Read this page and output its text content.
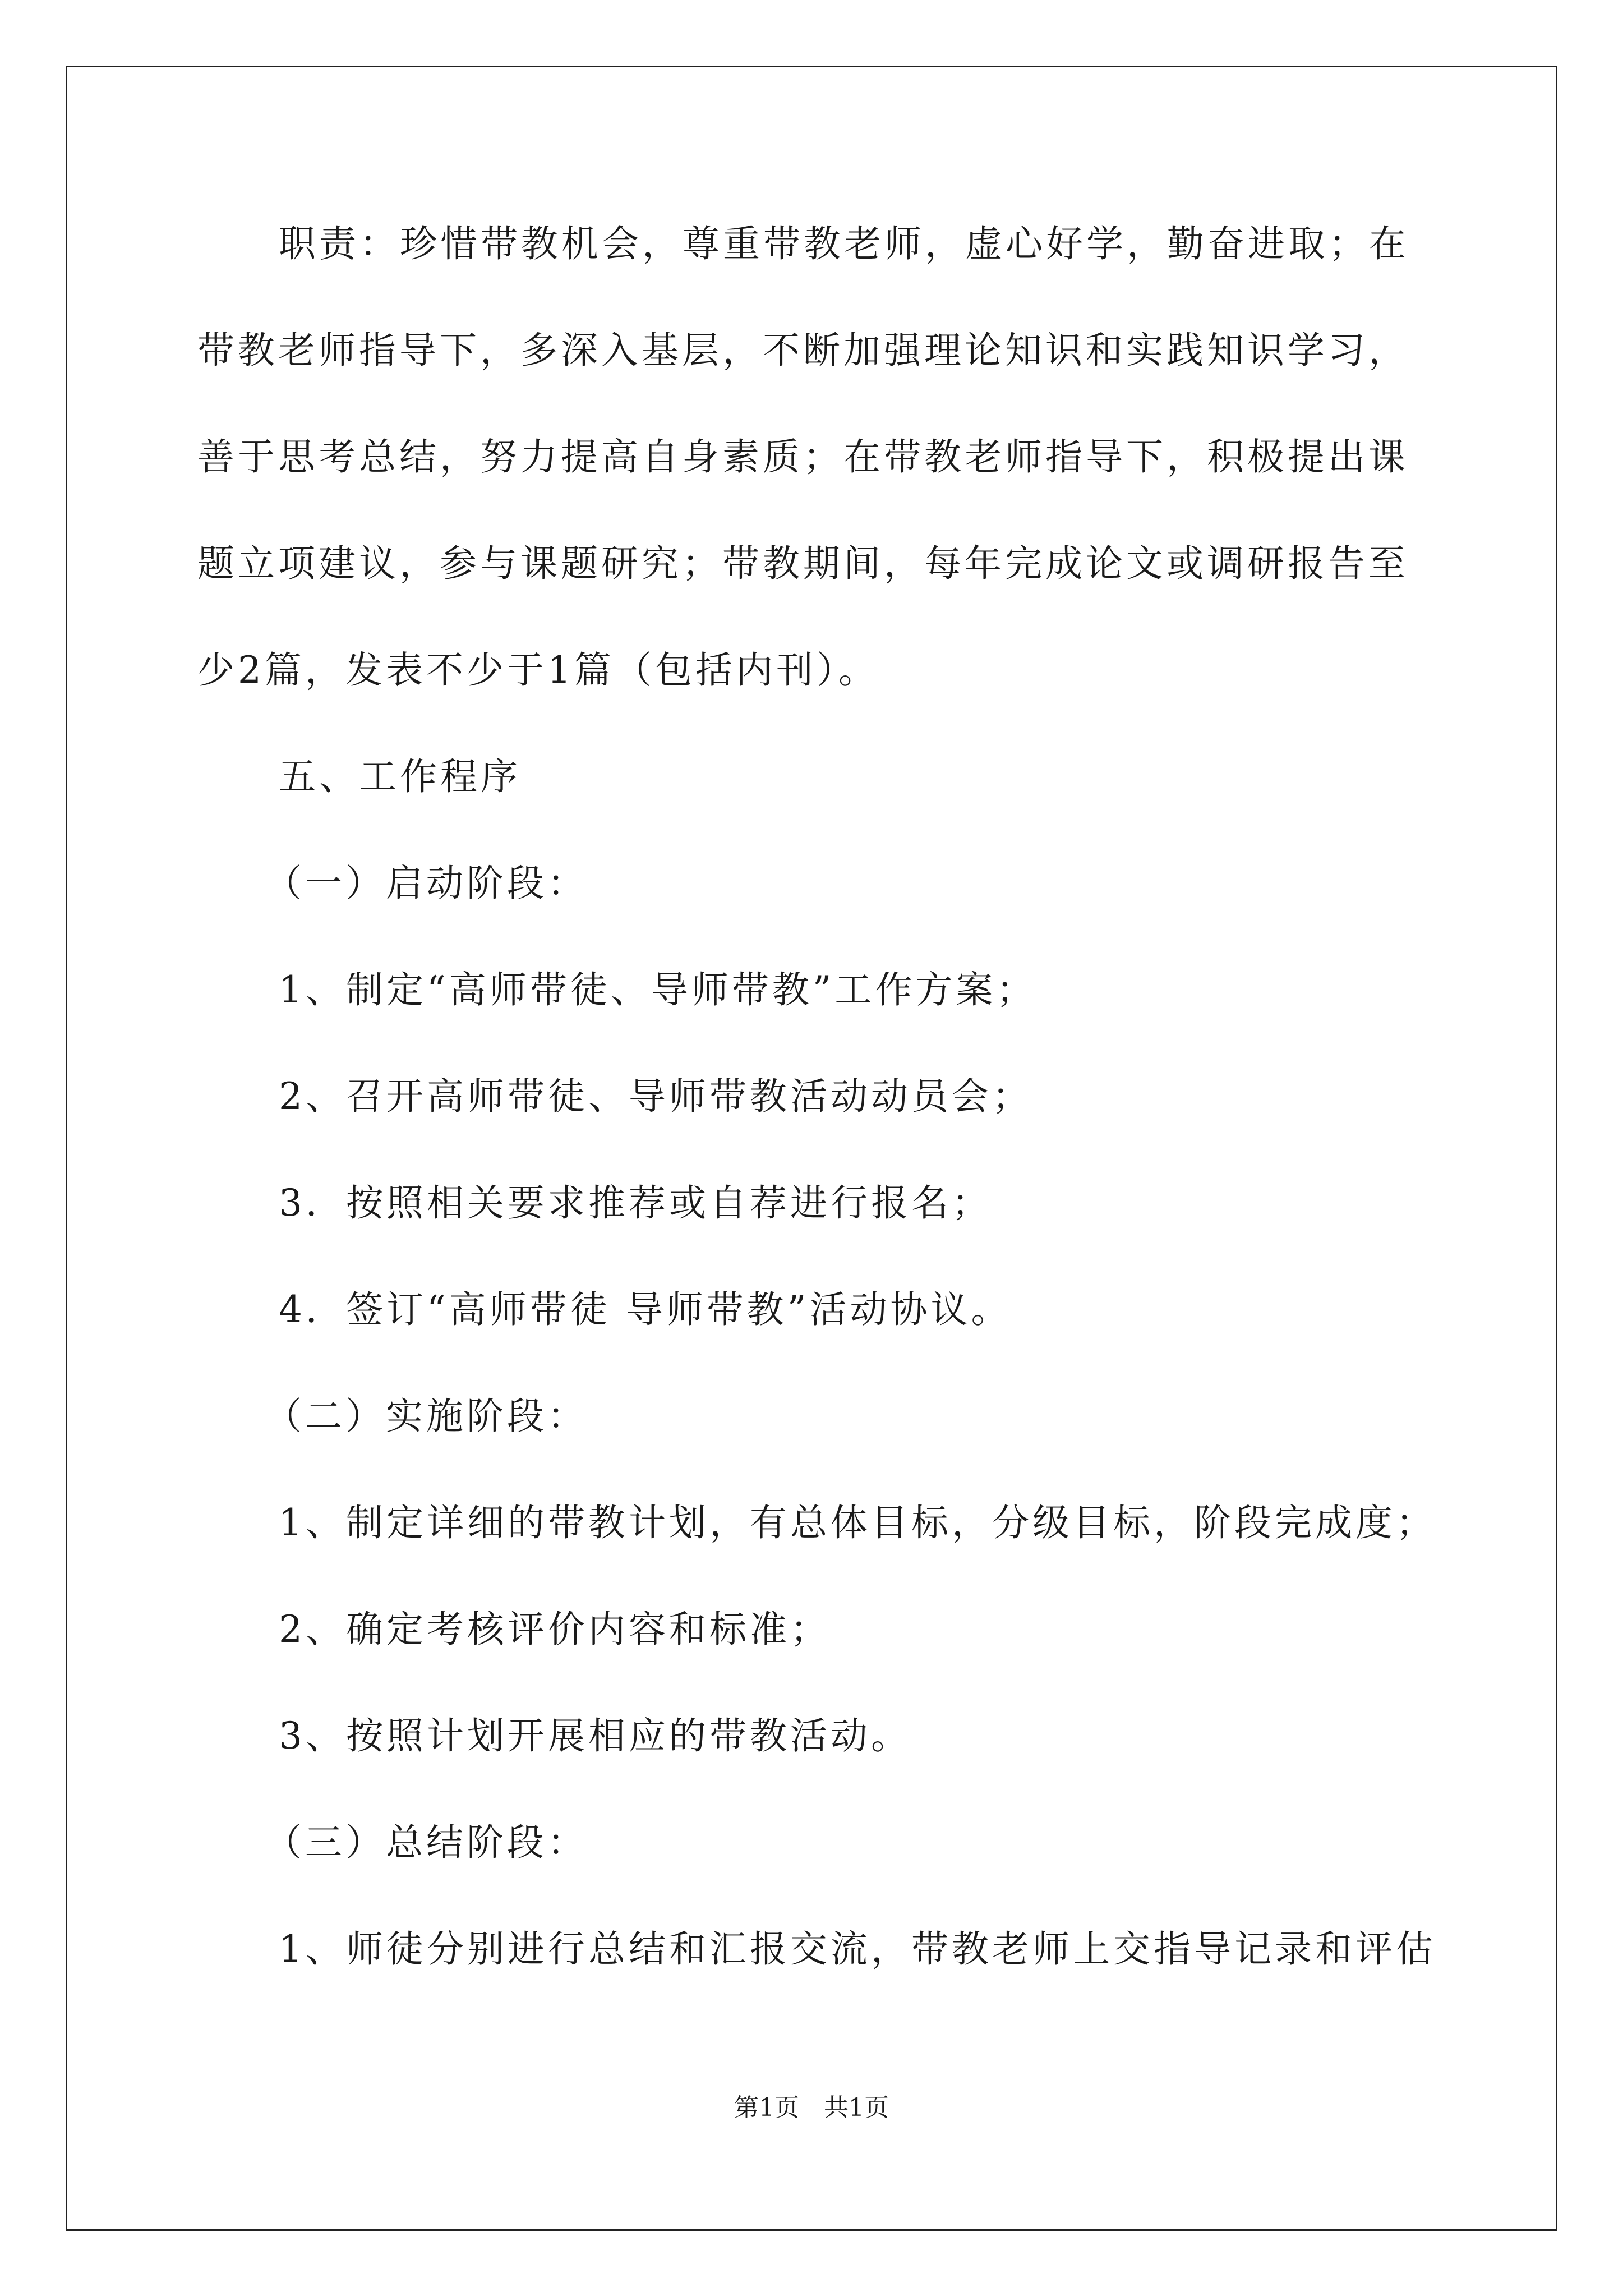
职责：珍惜带教机会，尊重带教老师，虚心好学，勤奋进取；在
带教老师指导下，多深入基层，不断加强理论知识和实践知识学习，
善于思考总结，努力提高自身素质；在带教老师指导下，积极提出课
题立项建议，参与课题研究；带教期间，每年完成论文或调研报告至
少2篇，发表不少于1篇（包括内刊）。
五、工作程序
（一）启动阶段：
1、制定“高师带徒、导师带教”工作方案；
2、召开高师带徒、导师带教活动动员会；
3．按照相关要求推荐或自荐进行报名；
4．签订“高师带徒 导师带教”活动协议。
（二）实施阶段：
1、制定详细的带教计划，有总体目标，分级目标，阶段完成度；
2、确定考核评价内容和标准；
3、按照计划开展相应的带教活动。
（三）总结阶段：
1、师徒分别进行总结和汇报交流，带教老师上交指导记录和评估
第1页　共1页
